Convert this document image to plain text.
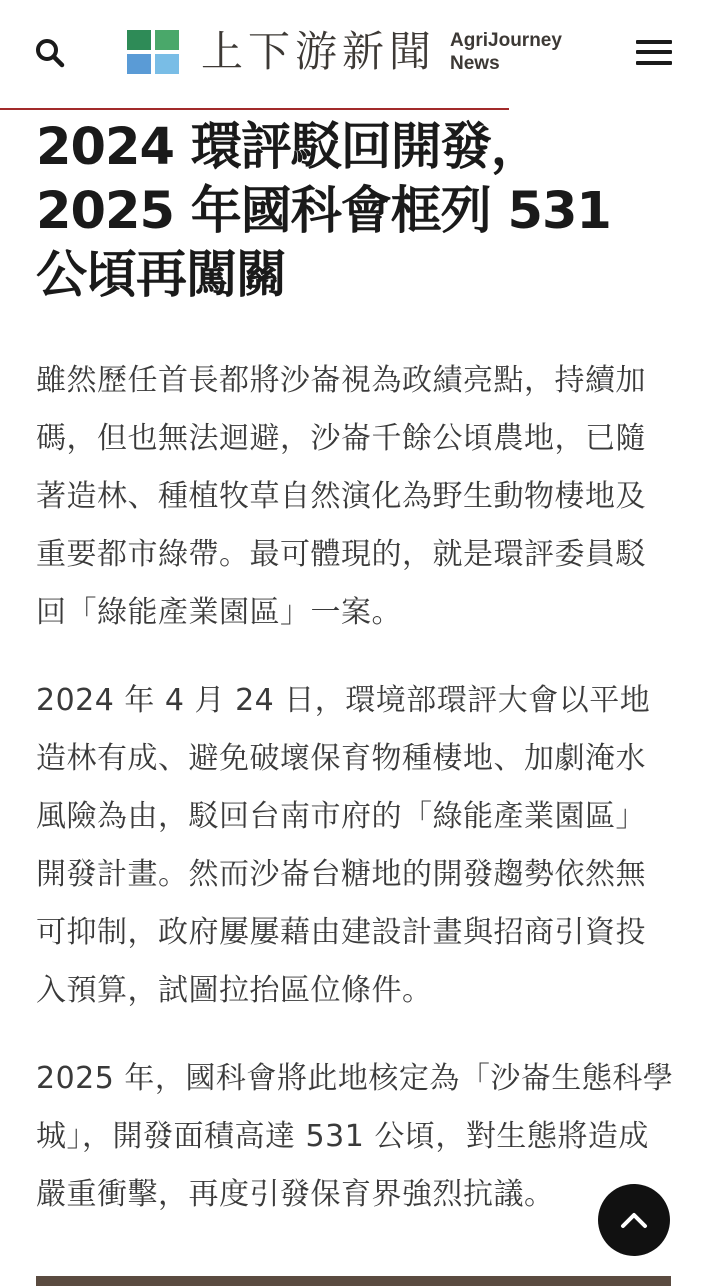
上下游新聞 AgriJourney
News
2024 環評駁回開發，2025 年國科會框列 531 公頃再闖關

雖然歷任首長都將沙崙視為政績亮點，持續加碼，但也無法迴避，沙崙千餘公頃農地，已隨著造林、種植牧草自然演化為野生動物棲地及重要都市綠帶。最可體現的，就是環評委員駁回「綠能產業園區」一案。

2024 年 4 月 24 日，環境部環評大會以平地造林有成、避免破壞保育物種棲地、加劇淹水風險為由，駁回台南市府的「綠能產業園區」開發計畫。然而沙崙台糖地的開發趨勢依然無可抑制，政府屢屢藉由建設計畫與招商引資投入預算，試圖拉抬區位條件。

2025 年，國科會將此地核定為「沙崙生態科學城」，開發面積高達 531 公頃，對生態將造成嚴重衝擊，再度引發保育界強烈抗議。
